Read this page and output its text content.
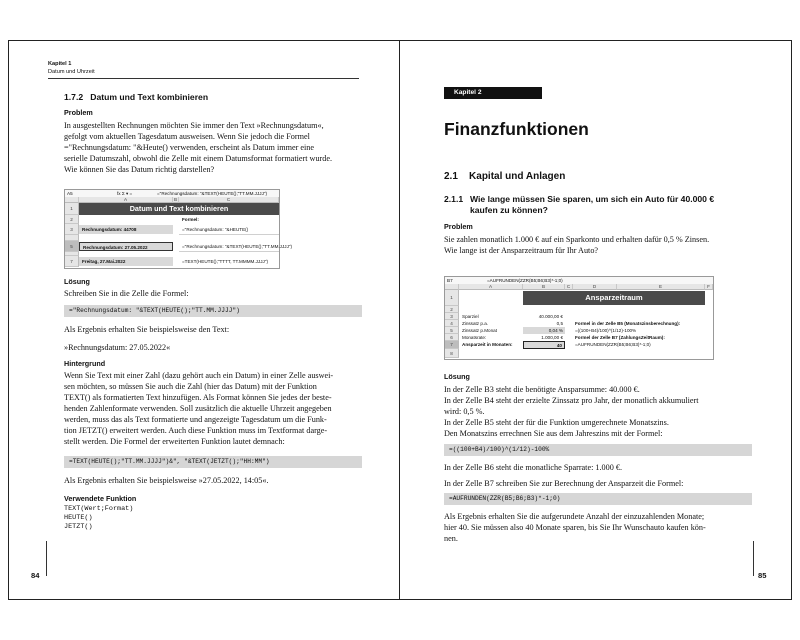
Kapitel 1
Datum und Uhrzeit
1.7.2 Datum und Text kombinieren
Problem
In ausgestellten Rechnungen möchten Sie immer den Text »Rechnungsdatum«,
gefolgt vom aktuellen Tagesdatum ausweisen. Wenn Sie jedoch die Formel
="Rechnungsdatum: "&Heute() verwenden, erscheint als Datum immer eine
serielle Datumszahl, obwohl die Zelle mit einem Datumsformat formatiert wurde.
Wie können Sie das Datum richtig darstellen?
A5	fx Σ ▾ =	="Rechnungsdatum: "&TEXT(HEUTE();"TT.MM.JJJJ")
A	B	C
1	Datum und Text kombinieren
2	Formel:
3	Rechnungsdatum: 44708	="Rechnungsdatum: "&HEUTE()
5	Rechnungsdatum: 27.05.2022	="Rechnungsdatum: "&TEXT(HEUTE();"TT.MM.JJJJ")
7	Freitag, 27.Mai.2022	=TEXT(HEUTE();"TTTT, TT.MMMM.JJJJ")
Lösung
Schreiben Sie in die Zelle die Formel:
="Rechnungsdatum: "&TEXT(HEUTE();"TT.MM.JJJJ")
Als Ergebnis erhalten Sie beispielsweise den Text:
»Rechnungsdatum: 27.05.2022«
Hintergrund
Wenn Sie Text mit einer Zahl (dazu gehört auch ein Datum) in einer Zelle auswei-
sen möchten, so müssen Sie auch die Zahl (hier das Datum) mit der Funktion
TEXT() als formatierten Text hinzufügen. Als Format können Sie jedes der beste-
henden Zahlenformate verwenden. Soll zusätzlich die aktuelle Uhrzeit angegeben
werden, muss das als Text formatierte und angezeigte Tagesdatum um die Funk-
tion JETZT() erweitert werden. Auch diese Funktion muss im Textformat darge-
stellt werden. Die Formel der erweiterten Funktion lautet demnach:
=TEXT(HEUTE();"TT.MM.JJJJ")&", "&TEXT(JETZT();"HH:MM")
Als Ergebnis erhalten Sie beispielsweise »27.05.2022, 14:05«.
Verwendete Funktion
TEXT(Wert;Format)
HEUTE()
JETZT()
84
Kapitel 2
Finanzfunktionen
2.1 Kapital und Anlagen
2.1.1 Wie lange müssen Sie sparen, um sich ein Auto für 40.000 €
kaufen zu können?
Problem
Sie zahlen monatlich 1.000 € auf ein Sparkonto und erhalten dafür 0,5 % Zinsen.
Wie lange ist der Ansparzeitraum für Ihr Auto?
B7	=AUFRUNDEN(ZZR(B5;B6;B3)*-1;0)
A	B	C	D	E	F
1	Ansparzeitraum
2
3	Sparziel	40.000,00 €
4	Zinssatz p.a.	0,5	Formel in der Zelle B5 (Monatszinsberechnung):
5	Zinssatz p.Monat	0,04 %	=((100+B4)/100)^(1/12)-100%
6	Monatsrate:	1.000,00 €	Formel der Zelle B7 (ZahlungsZeitRaum):
7	Ansparzeit in Monaten:	40	=AUFRUNDEN(ZZR(B5;B6;B3)*-1;0)
8
Lösung
In der Zelle B3 steht die benötigte Ansparsumme: 40.000 €.
In der Zelle B4 steht der erzielte Zinssatz pro Jahr, der monatlich akkumuliert
wird: 0,5 %.
In der Zelle B5 steht der für die Funktion umgerechnete Monatszins.
Den Monatszins errechnen Sie aus dem Jahreszins mit der Formel:
=((100+B4)/100)^(1/12)-100%
In der Zelle B6 steht die monatliche Sparrate: 1.000 €.
In der Zelle B7 schreiben Sie zur Berechnung der Ansparzeit die Formel:
=AUFRUNDEN(ZZR(B5;B6;B3)*-1;0)
Als Ergebnis erhalten Sie die aufgerundete Anzahl der einzuzahlenden Monate;
hier 40. Sie müssen also 40 Monate sparen, bis Sie Ihr Wunschauto kaufen kön-
nen.
85
